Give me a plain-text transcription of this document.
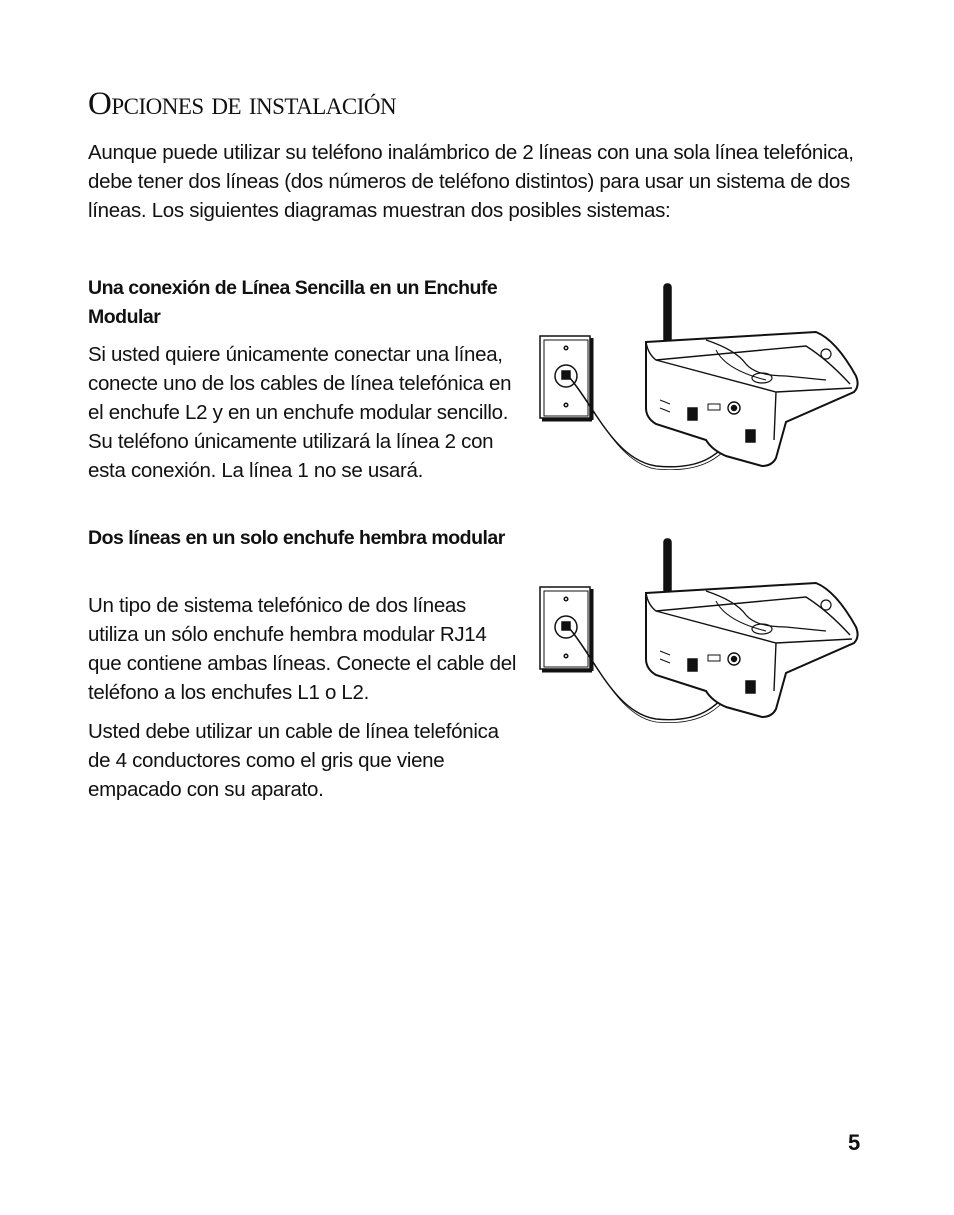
Opciones de instalación

Aunque puede utilizar su teléfono inalámbrico de 2 líneas con una sola línea telefónica, debe tener dos líneas (dos números de teléfono distintos) para usar un sistema de dos líneas. Los siguientes diagramas muestran dos posibles sistemas:

Una conexión de Línea Sencilla en un Enchufe Modular

Si usted quiere únicamente conectar una línea, conecte uno de los cables de línea telefónica en el enchufe L2 y en un enchufe modular sencillo. Su teléfono únicamente utilizará la línea 2 con esta conexión. La línea 1 no se usará.

Dos líneas en un solo enchufe hembra modular

Un tipo de sistema telefónico de dos líneas utiliza un sólo enchufe hembra modular RJ14 que contiene ambas líneas. Conecte el cable del teléfono a los enchufes L1 o L2.

Usted debe utilizar un cable de línea telefónica de 4 conductores como el gris que viene empacado con su aparato.

5
